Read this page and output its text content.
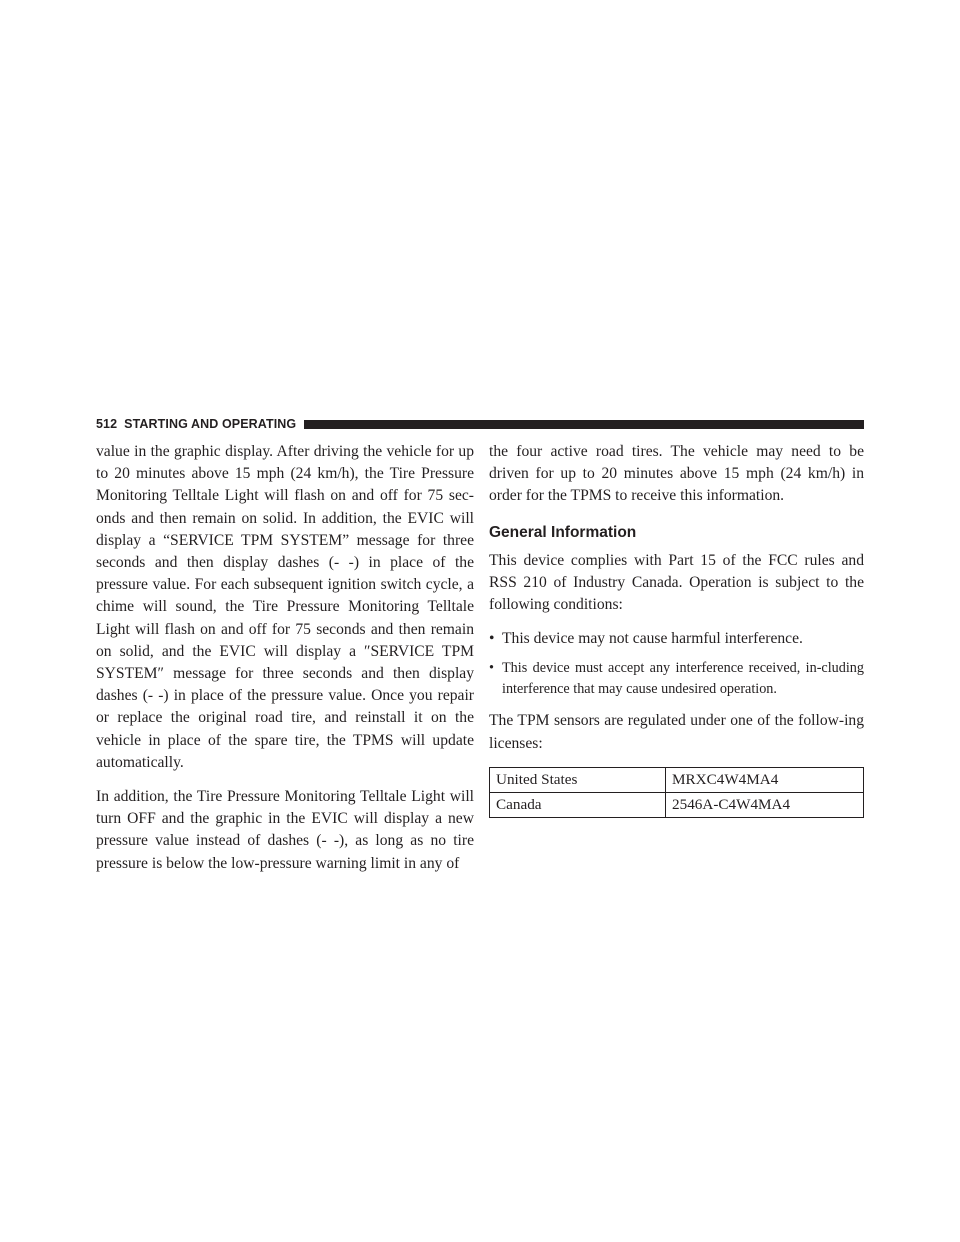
512 STARTING AND OPERATING

value in the graphic display. After driving the vehicle for up to 20 minutes above 15 mph (24 km/h), the Tire Pressure Monitoring Telltale Light will flash on and off for 75 sec-onds and then remain on solid. In addition, the EVIC will display a “SERVICE TPM SYSTEM” message for three seconds and then display dashes (- -) in place of the pressure value. For each subsequent ignition switch cycle, a chime will sound, the Tire Pressure Monitoring Telltale Light will flash on and off for 75 seconds and then remain on solid, and the EVIC will display a ″SERVICE TPM SYSTEM″ message for three seconds and then display dashes (- -) in place of the pressure value. Once you repair or replace the original road tire, and reinstall it on the vehicle in place of the spare tire, the TPMS will update automatically.

In addition, the Tire Pressure Monitoring Telltale Light will turn OFF and the graphic in the EVIC will display a new pressure value instead of dashes (- -), as long as no tire pressure is below the low-pressure warning limit in any of

the four active road tires. The vehicle may need to be driven for up to 20 minutes above 15 mph (24 km/h) in order for the TPMS to receive this information.

General Information

This device complies with Part 15 of the FCC rules and RSS 210 of Industry Canada. Operation is subject to the following conditions:

• This device may not cause harmful interference.
• This device must accept any interference received, in-cluding interference that may cause undesired operation.

The TPM sensors are regulated under one of the follow-ing licenses:

United States	MRXC4W4MA4
Canada	2546A-C4W4MA4
